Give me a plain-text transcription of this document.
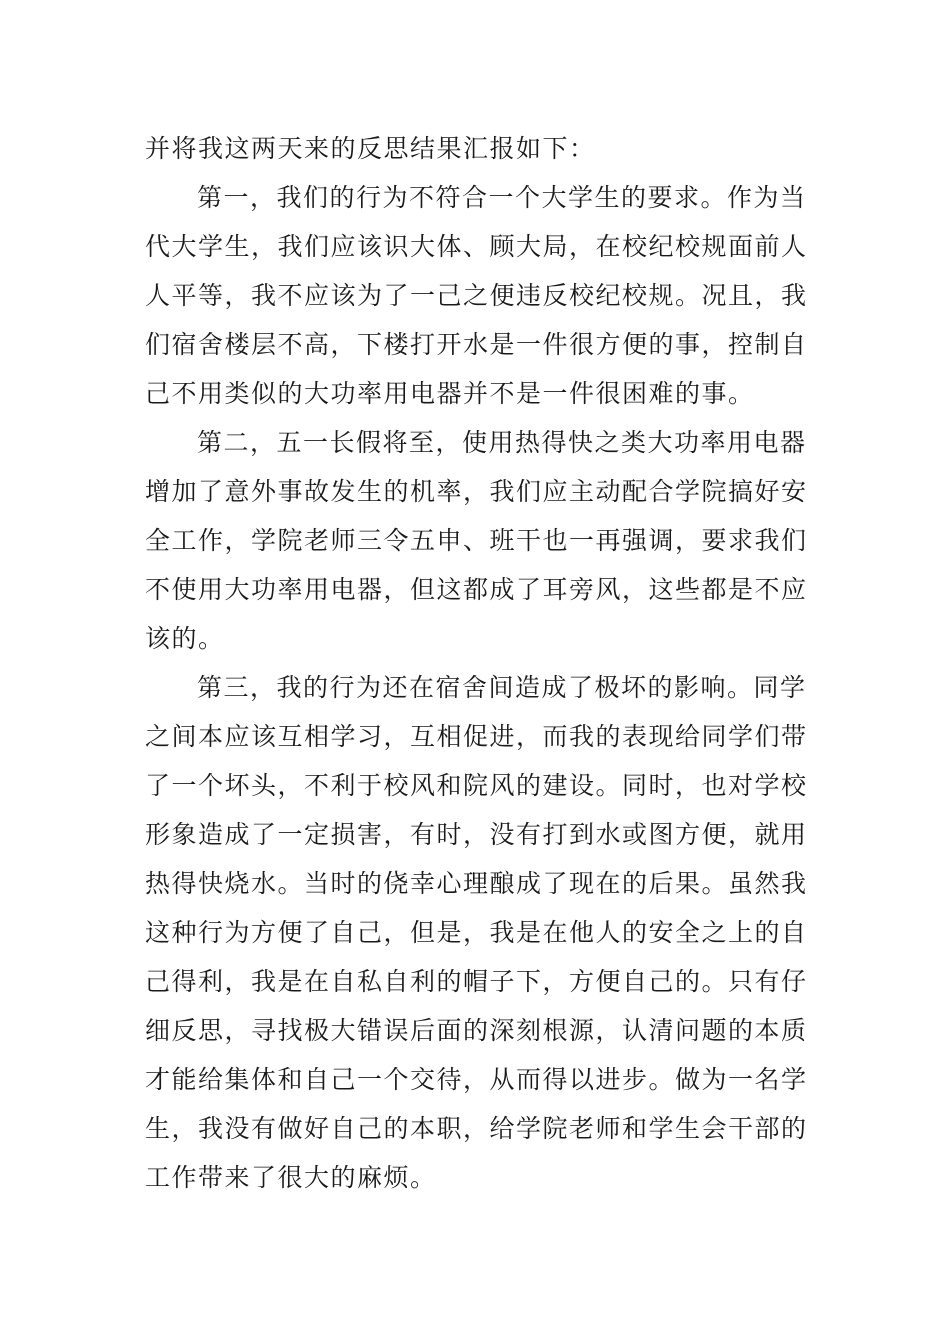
并将我这两天来的反思结果汇报如下：
第一，我们的行为不符合一个大学生的要求。作为当
代大学生，我们应该识大体、顾大局，在校纪校规面前人
人平等，我不应该为了一己之便违反校纪校规。况且，我
们宿舍楼层不高，下楼打开水是一件很方便的事，控制自
己不用类似的大功率用电器并不是一件很困难的事。
第二，五一长假将至，使用热得快之类大功率用电器
增加了意外事故发生的机率，我们应主动配合学院搞好安
全工作，学院老师三令五申、班干也一再强调，要求我们
不使用大功率用电器，但这都成了耳旁风，这些都是不应
该的。
第三，我的行为还在宿舍间造成了极坏的影响。同学
之间本应该互相学习，互相促进，而我的表现给同学们带
了一个坏头，不利于校风和院风的建设。同时，也对学校
形象造成了一定损害，有时，没有打到水或图方便，就用
热得快烧水。当时的侥幸心理酿成了现在的后果。虽然我
这种行为方便了自己，但是，我是在他人的安全之上的自
己得利，我是在自私自利的帽子下，方便自己的。只有仔
细反思，寻找极大错误后面的深刻根源，认清问题的本质
才能给集体和自己一个交待，从而得以进步。做为一名学
生，我没有做好自己的本职，给学院老师和学生会干部的
工作带来了很大的麻烦。
